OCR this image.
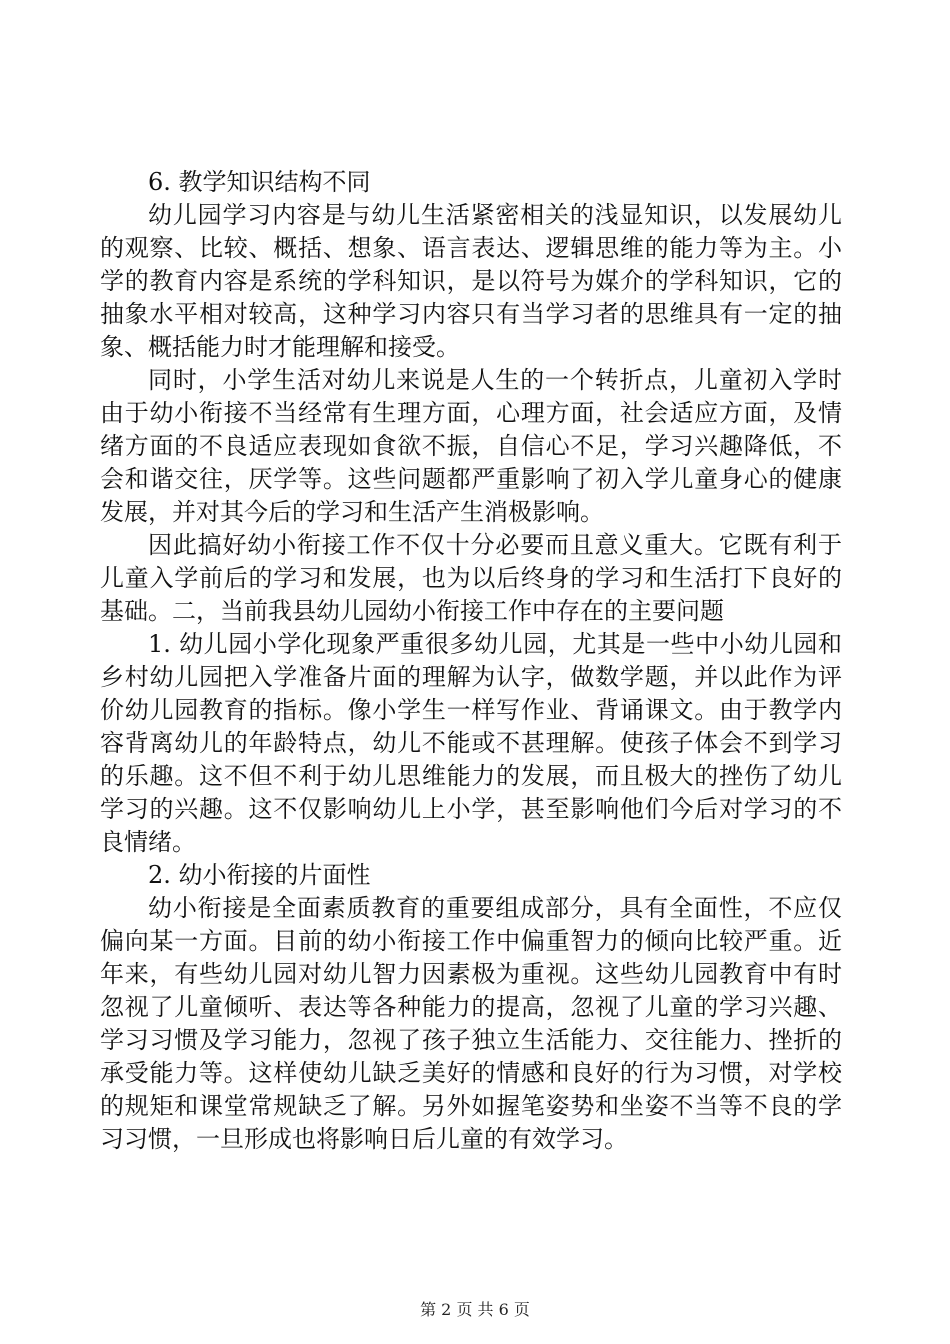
6. 教学知识结构不同

幼儿园学习内容是与幼儿生活紧密相关的浅显知识，以发展幼儿的观察、比较、概括、想象、语言表达、逻辑思维的能力等为主。小学的教育内容是系统的学科知识，是以符号为媒介的学科知识，它的抽象水平相对较高，这种学习内容只有当学习者的思维具有一定的抽象、概括能力时才能理解和接受。

同时，小学生活对幼儿来说是人生的一个转折点，儿童初入学时由于幼小衔接不当经常有生理方面，心理方面，社会适应方面，及情绪方面的不良适应表现如食欲不振，自信心不足，学习兴趣降低，不会和谐交往，厌学等。这些问题都严重影响了初入学儿童身心的健康发展，并对其今后的学习和生活产生消极影响。

因此搞好幼小衔接工作不仅十分必要而且意义重大。它既有利于儿童入学前后的学习和发展，也为以后终身的学习和生活打下良好的基础。二，当前我县幼儿园幼小衔接工作中存在的主要问题

1. 幼儿园小学化现象严重很多幼儿园，尤其是一些中小幼儿园和乡村幼儿园把入学准备片面的理解为认字，做数学题，并以此作为评价幼儿园教育的指标。像小学生一样写作业、背诵课文。由于教学内容背离幼儿的年龄特点，幼儿不能或不甚理解。使孩子体会不到学习的乐趣。这不但不利于幼儿思维能力的发展，而且极大的挫伤了幼儿学习的兴趣。这不仅影响幼儿上小学，甚至影响他们今后对学习的不良情绪。

2. 幼小衔接的片面性

幼小衔接是全面素质教育的重要组成部分，具有全面性，不应仅偏向某一方面。目前的幼小衔接工作中偏重智力的倾向比较严重。近年来，有些幼儿园对幼儿智力因素极为重视。这些幼儿园教育中有时忽视了儿童倾听、表达等各种能力的提高，忽视了儿童的学习兴趣、学习习惯及学习能力，忽视了孩子独立生活能力、交往能力、挫折的承受能力等。这样使幼儿缺乏美好的情感和良好的行为习惯，对学校的规矩和课堂常规缺乏了解。另外如握笔姿势和坐姿不当等不良的学习习惯，一旦形成也将影响日后儿童的有效学习。

第 2 页 共 6 页
